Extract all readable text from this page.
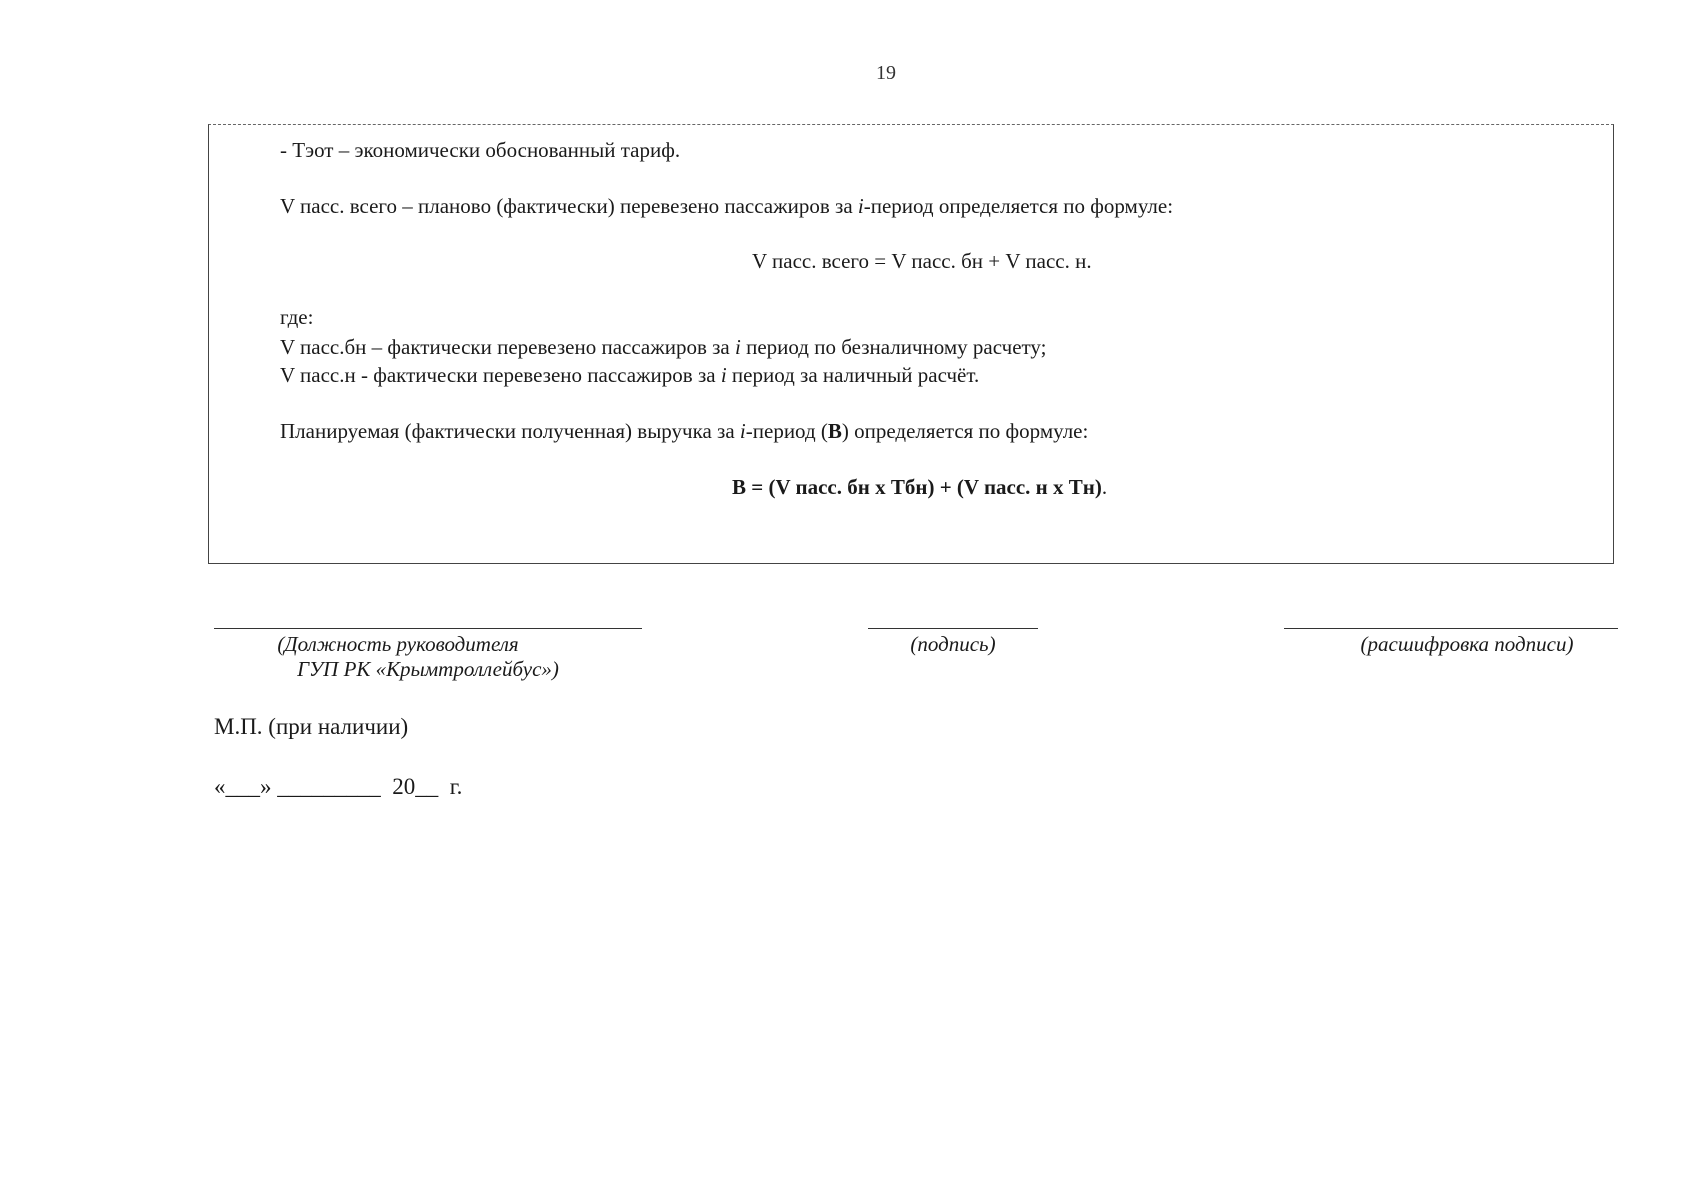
19
- Тэот – экономически обоснованный тариф.
V пасс. всего – планово (фактически) перевезено пассажиров за i-период определяется по формуле:
V пасс. всего = V пасс. бн + V пасс. н.
где:
V пасс.бн – фактически перевезено пассажиров за i период по безналичному расчету;
V пасс.н - фактически перевезено пассажиров за i период за наличный расчёт.
Планируемая (фактически полученная) выручка за i-период (В) определяется по формуле:
В = (V пасс. бн х Тбн) + (V пасс. н х Тн).
(Должность руководителя
ГУП РК «Крымтроллейбус»)
(подпись)	(расшифровка подписи)
М.П. (при наличии)
«___» _________  20__  г.
